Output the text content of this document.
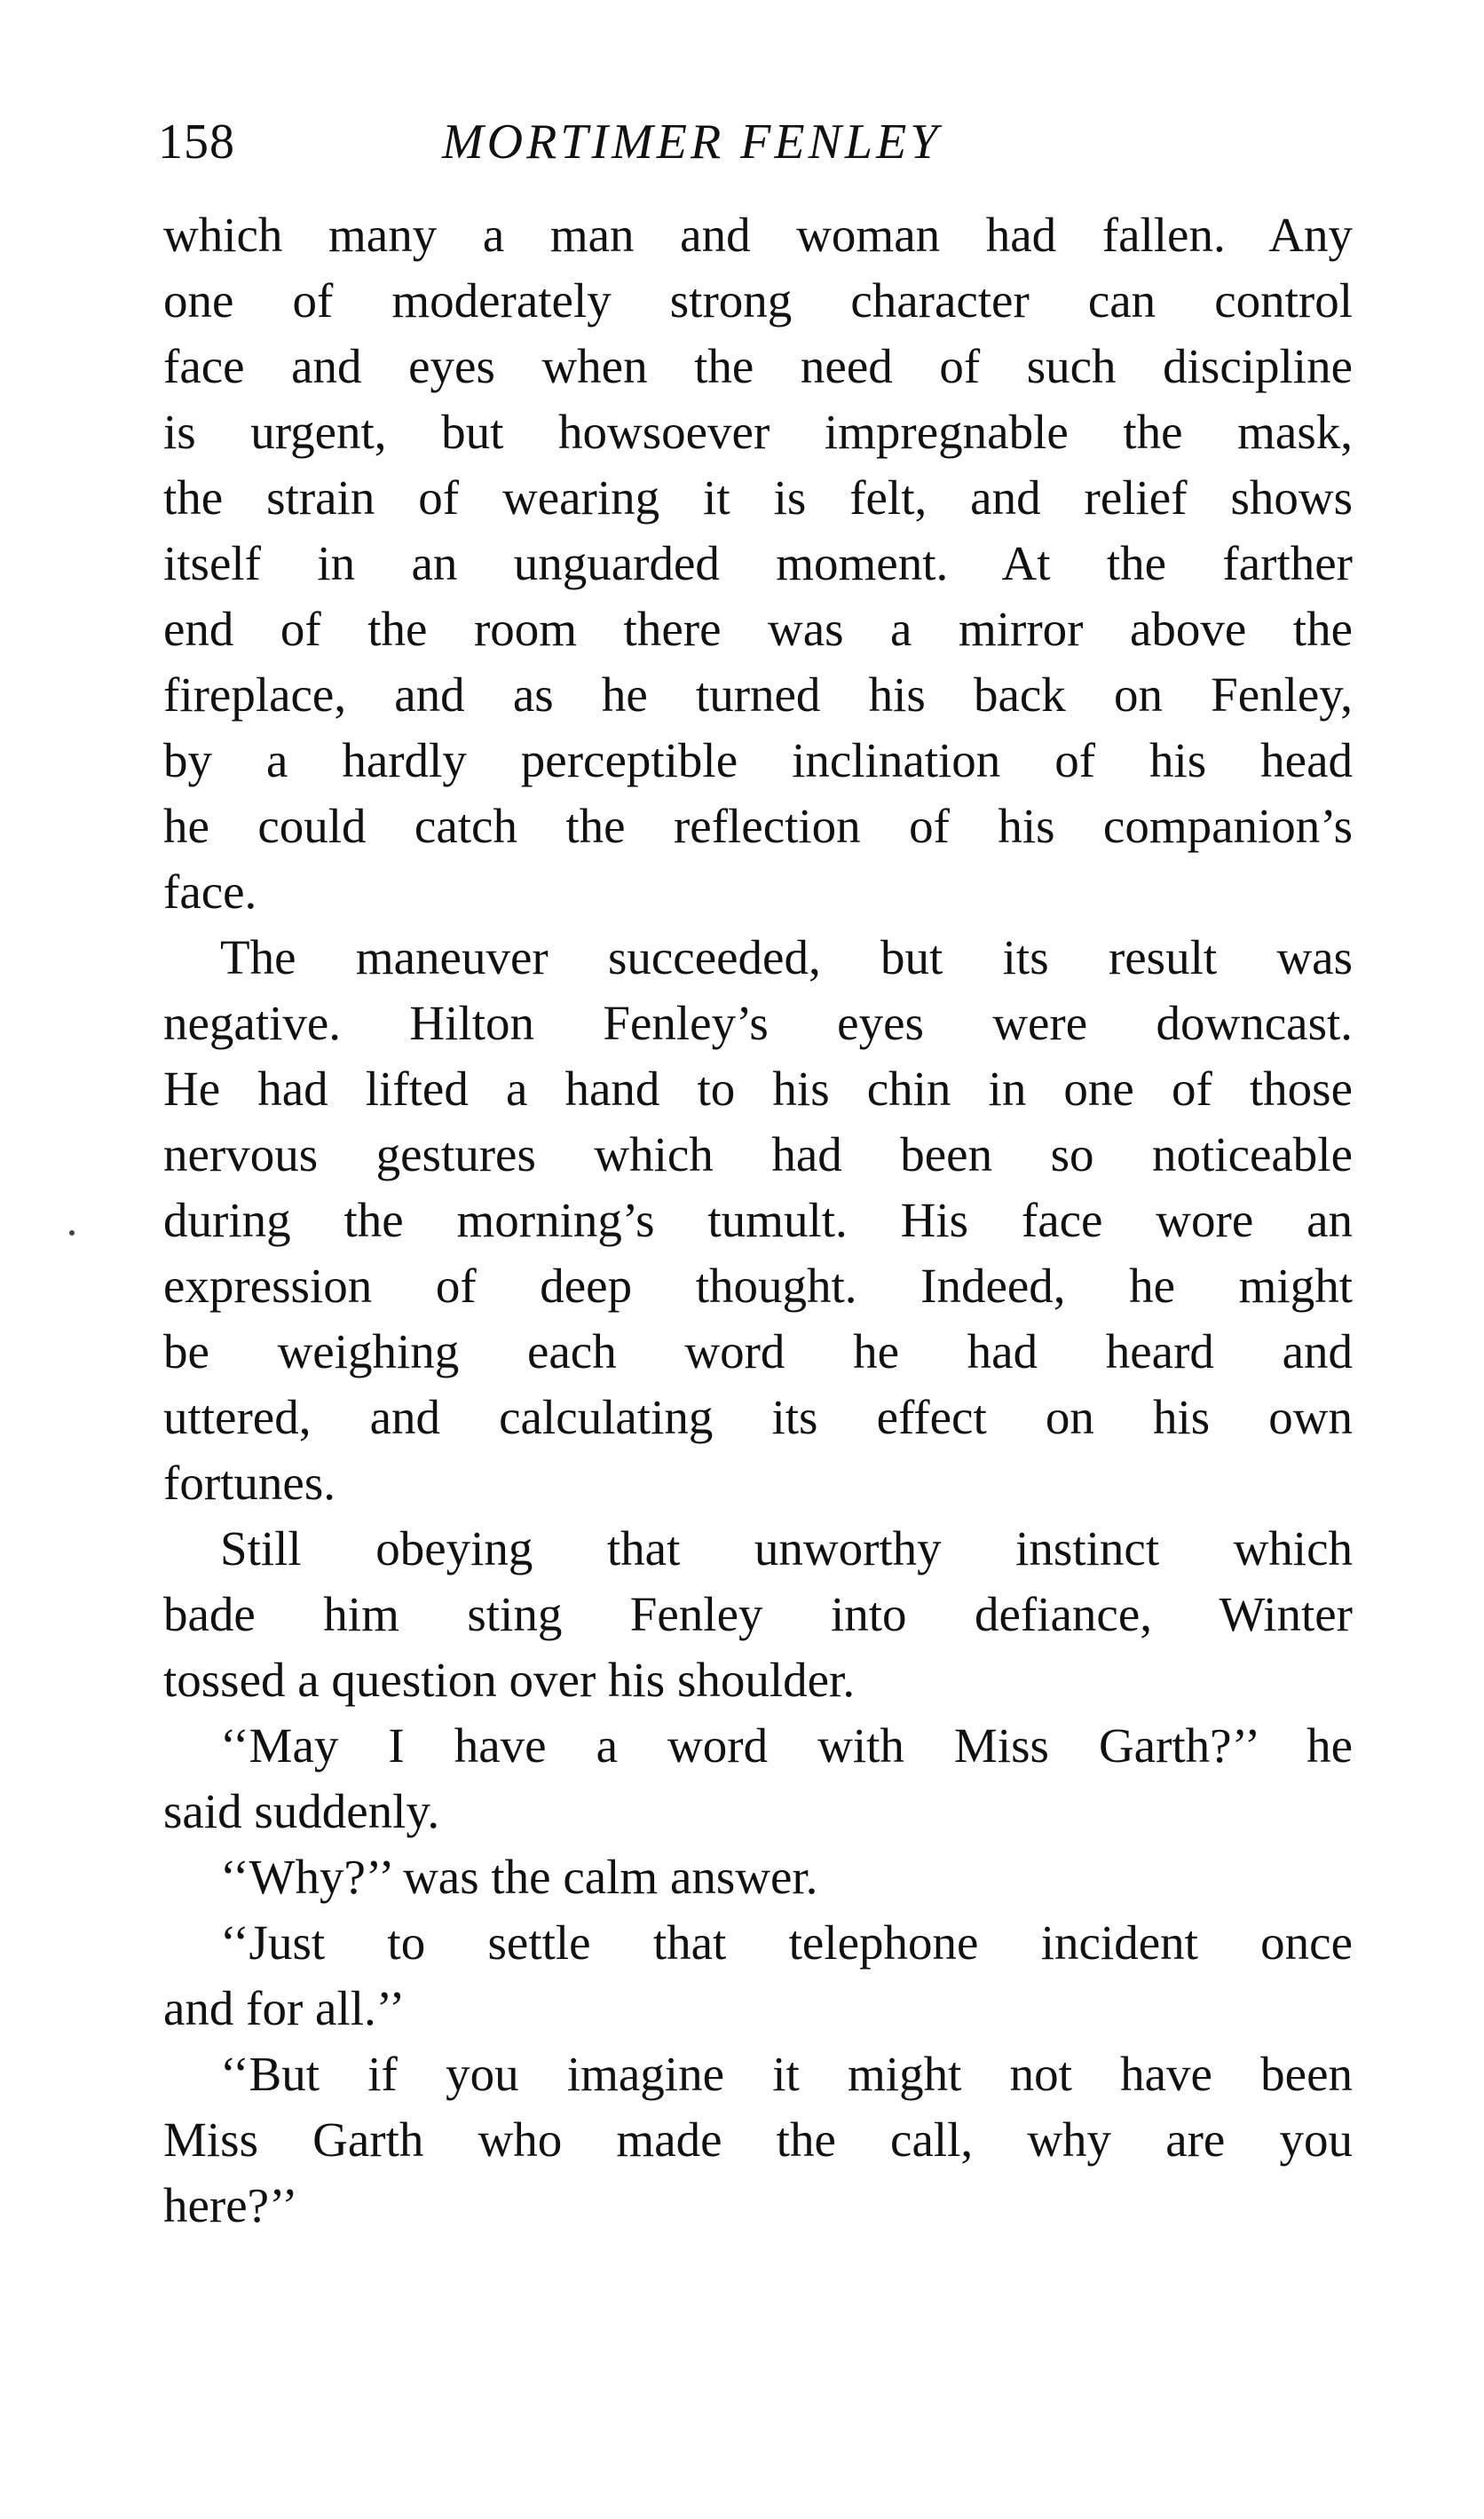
158	MORTIMER FENLEY
which many a man and woman had fallen. Any
one of moderately strong character can control
face and eyes when the need of such discipline
is urgent, but howsoever impregnable the mask,
the strain of wearing it is felt, and relief shows
itself in an unguarded moment. At the farther
end of the room there was a mirror above the
fireplace, and as he turned his back on Fenley,
by a hardly perceptible inclination of his head
he could catch the reflection of his companion’s
face.
The maneuver succeeded, but its result was
negative. Hilton Fenley’s eyes were downcast.
He had lifted a hand to his chin in one of those
nervous gestures which had been so noticeable
during the morning’s tumult. His face wore an
expression of deep thought. Indeed, he might
be weighing each word he had heard and
uttered, and calculating its effect on his own
fortunes.
Still obeying that unworthy instinct which
bade him sting Fenley into defiance, Winter
tossed a question over his shoulder.
‘‘May I have a word with Miss Garth?’’ he
said suddenly.
‘‘Why?’’ was the calm answer.
‘‘Just to settle that telephone incident once
and for all.’’
‘‘But if you imagine it might not have been
Miss Garth who made the call, why are you
here?’’
